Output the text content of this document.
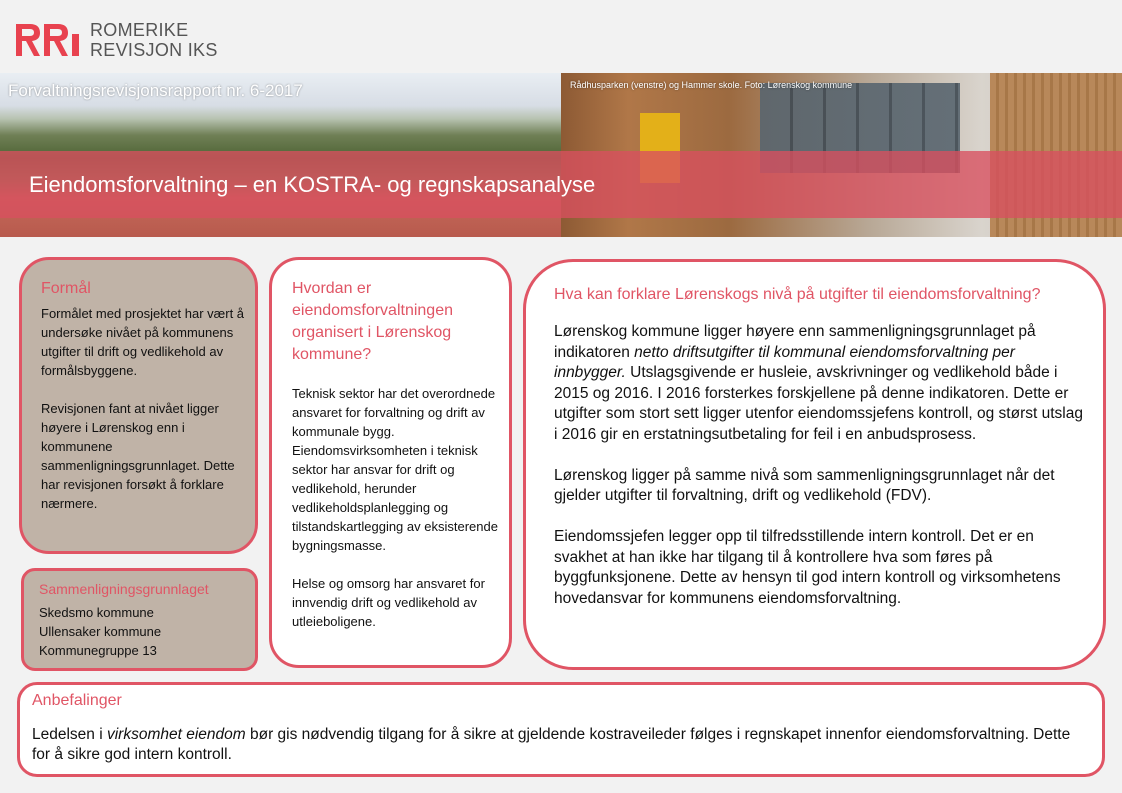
ROMERIKE
REVISJON IKS
Forvaltningsrevisjonsrapport nr. 6-2017	Rådhusparken (venstre) og Hammer skole. Foto: Lørenskog kommune
Eiendomsforvaltning – en KOSTRA- og regnskapsanalyse
Formål

Formålet med prosjektet har vært å undersøke nivået på kommunens utgifter til drift og vedlikehold av formålsbyggene.

Revisjonen fant at nivået ligger høyere i Lørenskog enn i kommunene sammenligningsgrunnlaget. Dette har revisjonen forsøkt å forklare nærmere.

Sammenligningsgrunnlaget
Skedsmo kommune
Ullensaker kommune
Kommunegruppe 13
Hvordan er eiendomsforvaltningen organisert i Lørenskog kommune?

Teknisk sektor har det overordnede ansvaret for forvaltning og drift av kommunale bygg. Eiendomsvirksomheten i teknisk sektor har ansvar for drift og vedlikehold, herunder vedlikeholdsplanlegging og tilstandskartlegging av eksisterende bygningsmasse.

Helse og omsorg har ansvaret for innvendig drift og vedlikehold av utleieboligene.

Hva kan forklare Lørenskogs nivå på utgifter til eiendomsforvaltning?

Lørenskog kommune ligger høyere enn sammenligningsgrunnlaget på indikatoren netto driftsutgifter til kommunal eiendomsforvaltning per innbygger. Utslagsgivende er husleie, avskrivninger og vedlikehold både i 2015 og 2016. I 2016 forsterkes forskjellene på denne indikatoren. Dette er utgifter som stort sett ligger utenfor eiendomssjefens kontroll, og størst utslag i 2016 gir en erstatningsutbetaling for feil i en anbudsprosess.

Lørenskog ligger på samme nivå som sammenligningsgrunnlaget når det gjelder utgifter til forvaltning, drift og vedlikehold (FDV).

Eiendomssjefen legger opp til tilfredsstillende intern kontroll. Det er en svakhet at han ikke har tilgang til å kontrollere hva som føres på byggfunksjonene. Dette av hensyn til god intern kontroll og virksomhetens hovedansvar for kommunens eiendomsforvaltning.

Anbefalinger
Ledelsen i virksomhet eiendom bør gis nødvendig tilgang for å sikre at gjeldende kostraveileder følges i regnskapet innenfor eiendomsforvaltning. Dette for å sikre god intern kontroll.
